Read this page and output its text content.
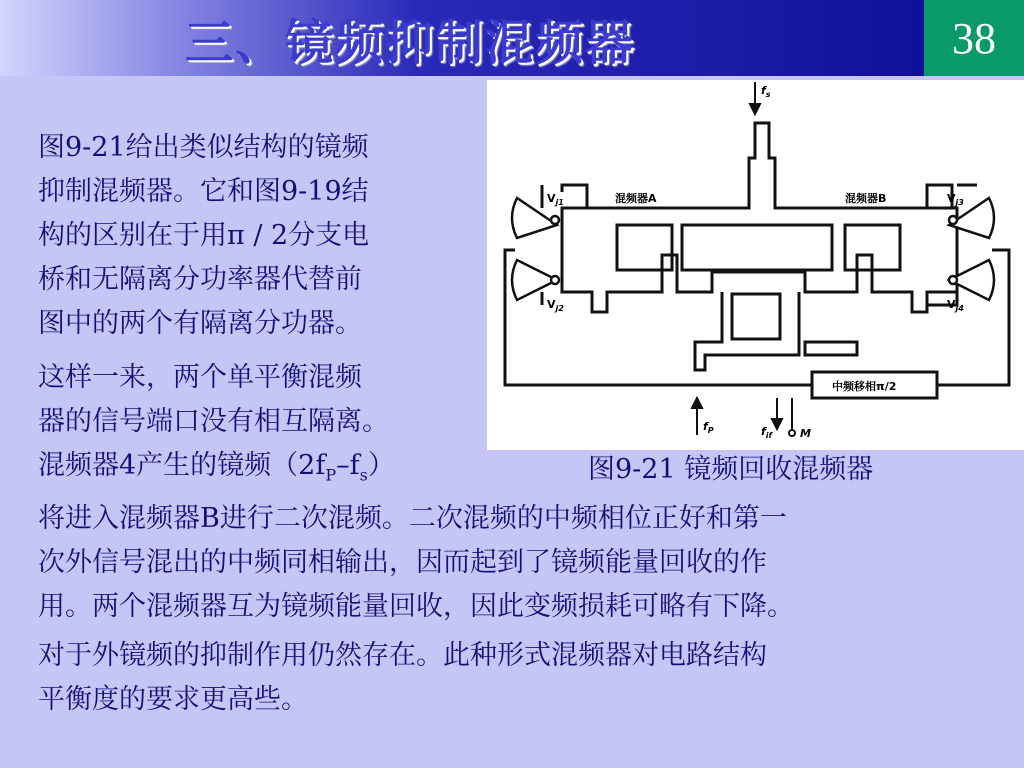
三、镜频抑制混频器	38
$f_s$
$f_P$	$f_{if}$	M
$V_{j1}$
$V_{j2}$
$V_{j3}$
$V_{j4}$
混频器A	混频器B
中频移相π/2
图9-21给出类似结构的镜频
抑制混频器。它和图9-19结
构的区别在于用π / 2分支电
桥和无隔离分功率器代替前
图中的两个有隔离分功器。
这样一来，两个单平衡混频
器的信号端口没有相互隔离。
混频器4产生的镜频$(2f_P-f_s)$
将进入混频器B进行二次混频。二次混频的中频相位正好和第一
次外信号混出的中频同相输出，因而起到了镜频能量回收的作
用。两个混频器互为镜频能量回收，因此变频损耗可略有下降。
图9-21 镜频回收混频器
对于外镜频的抑制作用仍然存在。此种形式混频器对电路结构
平衡度的要求更高些。
